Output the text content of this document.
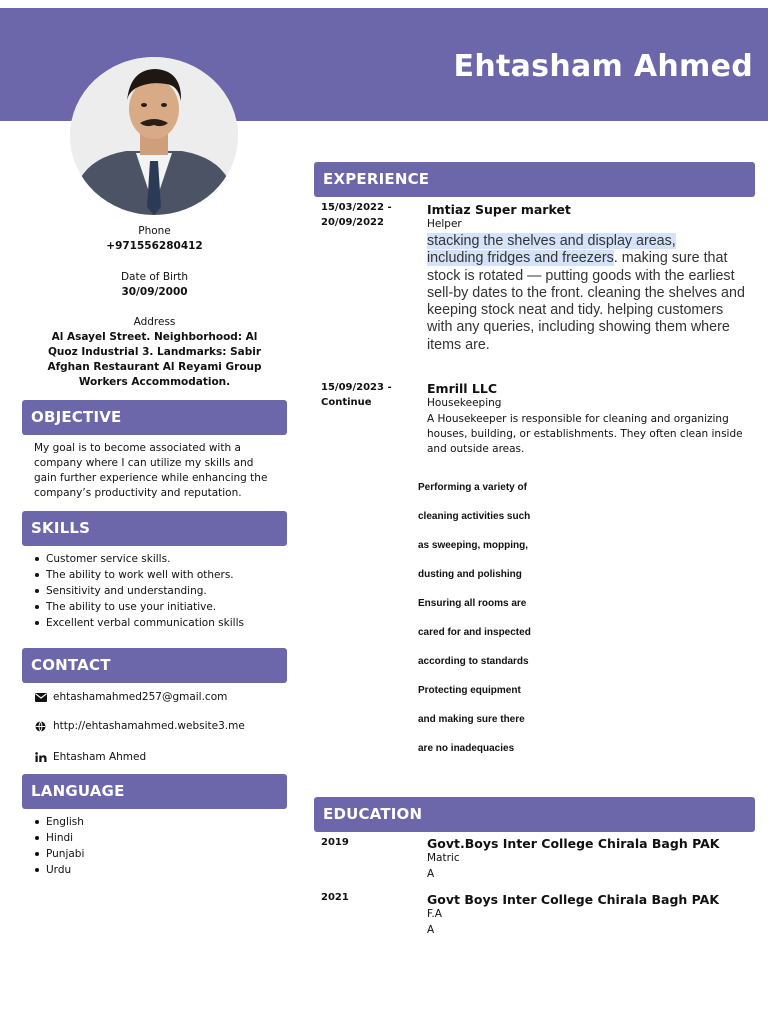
Ehtasham Ahmed
Phone
+971556280412
Date of Birth
30/09/2000
Address
Al Asayel Street. Neighborhood: Al Quoz Industrial 3. Landmarks: Sabir Afghan Restaurant Al Reyami Group Workers Accommodation.
OBJECTIVE
My goal is to become associated with a company where I can utilize my skills and gain further experience while enhancing the company’s productivity and reputation.
SKILLS
Customer service skills.
The ability to work well with others.
Sensitivity and understanding.
The ability to use your initiative.
Excellent verbal communication skills
CONTACT
ehtashamahmed257@gmail.com
http://ehtashamahmed.website3.me
Ehtasham Ahmed
LANGUAGE
English
Hindi
Punjabi
Urdu
EXPERIENCE
15/03/2022 -
20/09/2022
Imtiaz Super market
Helper
stacking the shelves and display areas,
including fridges and freezers. making sure that stock is rotated — putting goods with the earliest sell-by dates to the front. cleaning the shelves and keeping stock neat and tidy. helping customers with any queries, including showing them where items are.
15/09/2023 -
Continue
Emrill LLC
Housekeeping
A Housekeeper is responsible for cleaning and organizing houses, building, or establishments. They often clean inside and outside areas.
Performing a variety of
cleaning activities such
as sweeping, mopping,
dusting and polishing
Ensuring all rooms are
cared for and inspected
according to standards
Protecting equipment
and making sure there
are no inadequacies
EDUCATION
2019	Govt.Boys Inter College Chirala Bagh PAK
Matric
A
2021	Govt Boys Inter College Chirala Bagh PAK
F.A
A
